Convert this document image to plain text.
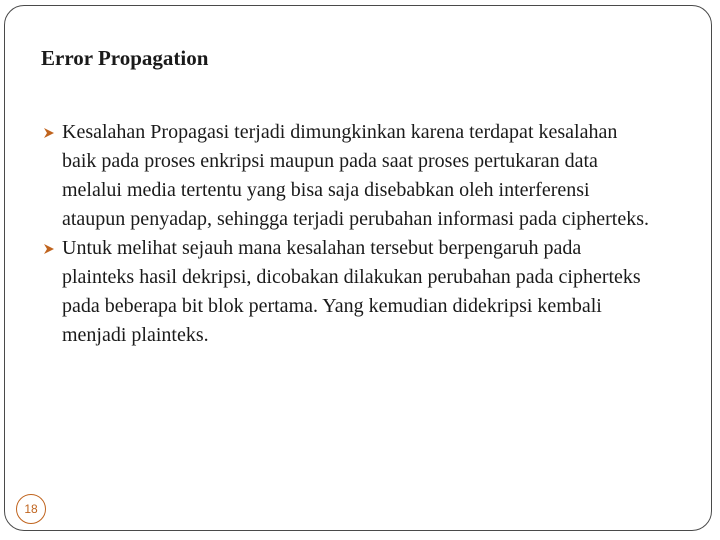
Error Propagation
Kesalahan Propagasi terjadi dimungkinkan karena terdapat kesalahan baik pada proses enkripsi maupun pada saat proses pertukaran data melalui media tertentu yang bisa saja disebabkan oleh interferensi ataupun penyadap, sehingga terjadi perubahan informasi pada cipherteks.
Untuk melihat sejauh mana kesalahan tersebut berpengaruh pada plainteks hasil dekripsi, dicobakan dilakukan perubahan pada cipherteks pada beberapa bit blok pertama. Yang kemudian didekripsi kembali menjadi plainteks.
18
